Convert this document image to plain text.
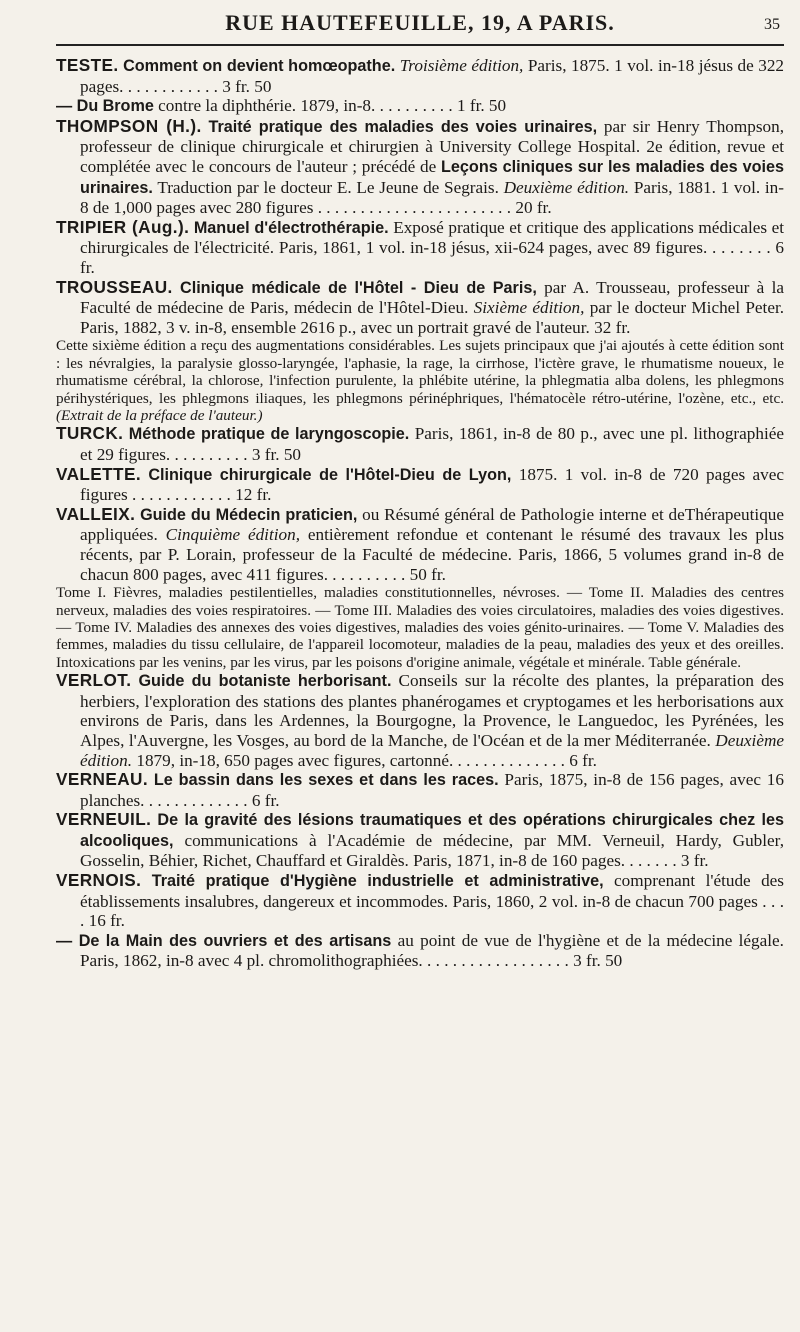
RUE HAUTEFEUILLE, 19, A PARIS.	35

TESTE. Comment on devient homœopathe. Troisième édition, Paris, 1875. 1 vol. in-18 jésus de 322 pages. . . . . . . . . . . . 3 fr. 50

— Du Brome contre la diphthérie. 1879, in-8. . . . . . . . . . 1 fr. 50

THOMPSON (H.). Traité pratique des maladies des voies urinaires, par sir Henry Thompson, professeur de clinique chirurgicale et chirurgien à University College Hospital. 2e édition, revue et complétée avec le concours de l'auteur ; précédé de Leçons cliniques sur les maladies des voies urinaires. Traduction par le docteur E. Le Jeune de Segrais. Deuxième édition. Paris, 1881. 1 vol. in-8 de 1,000 pages avec 280 figures . . . . . . . . . . . . . . . . . . . . . . . 20 fr.

TRIPIER (Aug.). Manuel d'électrothérapie. Exposé pratique et critique des applications médicales et chirurgicales de l'électricité. Paris, 1861, 1 vol. in-18 jésus, xii-624 pages, avec 89 figures. . . . . . . . 6 fr.

TROUSSEAU. Clinique médicale de l'Hôtel - Dieu de Paris, par A. Trousseau, professeur à la Faculté de médecine de Paris, médecin de l'Hôtel-Dieu. Sixième édition, par le docteur Michel Peter. Paris, 1882, 3 v. in-8, ensemble 2616 p., avec un portrait gravé de l'auteur. 32 fr.

Cette sixième édition a reçu des augmentations considérables. Les sujets principaux que j'ai ajoutés à cette édition sont : les névralgies, la paralysie glosso-laryngée, l'aphasie, la rage, la cirrhose, l'ictère grave, le rhumatisme noueux, le rhumatisme cérébral, la chlorose, l'infection purulente, la phlébite utérine, la phlegmatia alba dolens, les phlegmons périhystériques, les phlegmons iliaques, les phlegmons périnéphriques, l'hématocèle rétro-utérine, l'ozène, etc., etc. (Extrait de la préface de l'auteur.)

TURCK. Méthode pratique de laryngoscopie. Paris, 1861, in-8 de 80 p., avec une pl. lithographiée et 29 figures. . . . . . . . . . 3 fr. 50

VALETTE. Clinique chirurgicale de l'Hôtel-Dieu de Lyon, 1875. 1 vol. in-8 de 720 pages avec figures . . . . . . . . . . . . 12 fr.

VALLEIX. Guide du Médecin praticien, ou Résumé général de Pathologie interne et deThérapeutique appliquées. Cinquième édition, entièrement refondue et contenant le résumé des travaux les plus récents, par P. Lorain, professeur de la Faculté de médecine. Paris, 1866, 5 volumes grand in-8 de chacun 800 pages, avec 411 figures. . . . . . . . . . 50 fr.

Tome I. Fièvres, maladies pestilentielles, maladies constitutionnelles, névroses. — Tome II. Maladies des centres nerveux, maladies des voies respiratoires. — Tome III. Maladies des voies circulatoires, maladies des voies digestives. — Tome IV. Maladies des annexes des voies digestives, maladies des voies génito-urinaires. — Tome V. Maladies des femmes, maladies du tissu cellulaire, de l'appareil locomoteur, maladies de la peau, maladies des yeux et des oreilles. Intoxications par les venins, par les virus, par les poisons d'origine animale, végétale et minérale. Table générale.

VERLOT. Guide du botaniste herborisant. Conseils sur la récolte des plantes, la préparation des herbiers, l'exploration des stations des plantes phanérogames et cryptogames et les herborisations aux environs de Paris, dans les Ardennes, la Bourgogne, la Provence, le Languedoc, les Pyrénées, les Alpes, l'Auvergne, les Vosges, au bord de la Manche, de l'Océan et de la mer Méditerranée. Deuxième édition. 1879, in-18, 650 pages avec figures, cartonné. . . . . . . . . . . . . . 6 fr.

VERNEAU. Le bassin dans les sexes et dans les races. Paris, 1875, in-8 de 156 pages, avec 16 planches. . . . . . . . . . . . . 6 fr.

VERNEUIL. De la gravité des lésions traumatiques et des opérations chirurgicales chez les alcooliques, communications à l'Académie de médecine, par MM. Verneuil, Hardy, Gubler, Gosselin, Béhier, Richet, Chauffard et Giraldès. Paris, 1871, in-8 de 160 pages. . . . . . . 3 fr.

VERNOIS. Traité pratique d'Hygiène industrielle et administrative, comprenant l'étude des établissements insalubres, dangereux et incommodes. Paris, 1860, 2 vol. in-8 de chacun 700 pages . . . . 16 fr.

— De la Main des ouvriers et des artisans au point de vue de l'hygiène et de la médecine légale. Paris, 1862, in-8 avec 4 pl. chromolithographiées. . . . . . . . . . . . . . . . . . 3 fr. 50
